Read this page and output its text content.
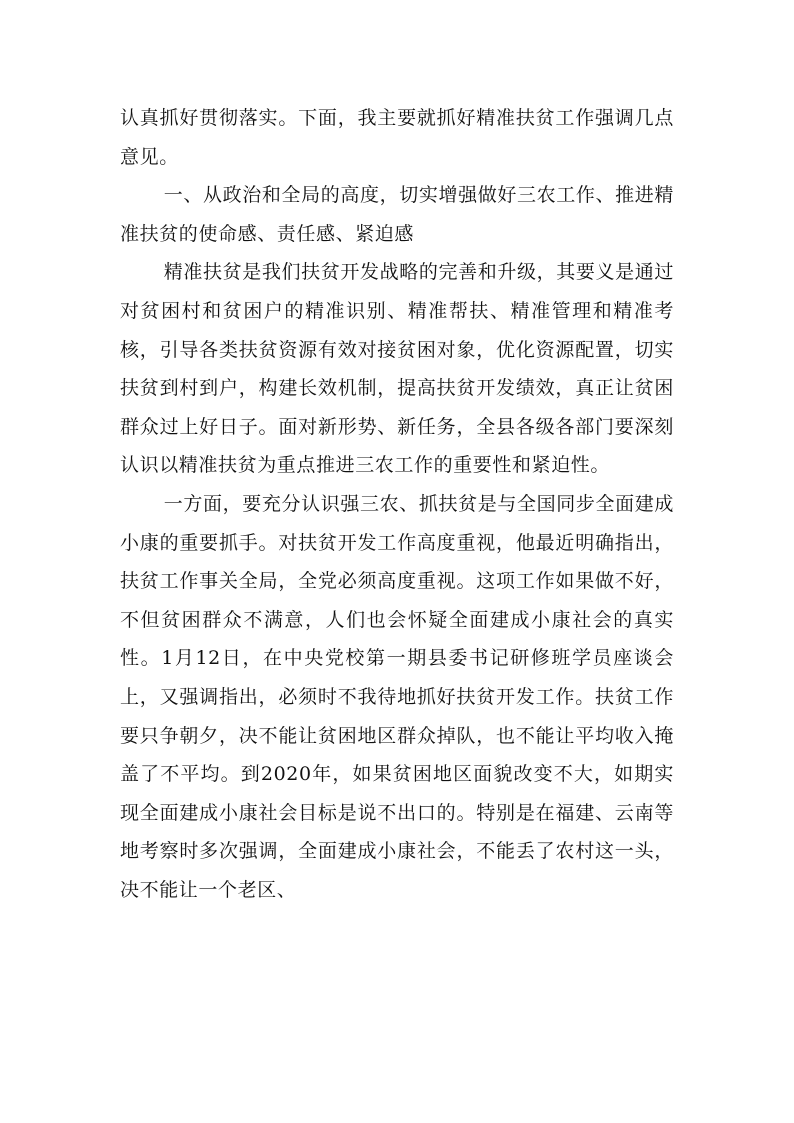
认真抓好贯彻落实。下面，我主要就抓好精准扶贫工作强调几点意见。

一、从政治和全局的高度，切实增强做好三农工作、推进精准扶贫的使命感、责任感、紧迫感

精准扶贫是我们扶贫开发战略的完善和升级，其要义是通过对贫困村和贫困户的精准识别、精准帮扶、精准管理和精准考核，引导各类扶贫资源有效对接贫困对象，优化资源配置，切实扶贫到村到户，构建长效机制，提高扶贫开发绩效，真正让贫困群众过上好日子。面对新形势、新任务，全县各级各部门要深刻认识以精准扶贫为重点推进三农工作的重要性和紧迫性。

一方面，要充分认识强三农、抓扶贫是与全国同步全面建成小康的重要抓手。对扶贫开发工作高度重视，他最近明确指出，扶贫工作事关全局，全党必须高度重视。这项工作如果做不好，不但贫困群众不满意，人们也会怀疑全面建成小康社会的真实性。1月12日，在中央党校第一期县委书记研修班学员座谈会上，又强调指出，必须时不我待地抓好扶贫开发工作。扶贫工作要只争朝夕，决不能让贫困地区群众掉队，也不能让平均收入掩盖了不平均。到2020年，如果贫困地区面貌改变不大，如期实现全面建成小康社会目标是说不出口的。特别是在福建、云南等地考察时多次强调，全面建成小康社会，不能丢了农村这一头，决不能让一个老区、
